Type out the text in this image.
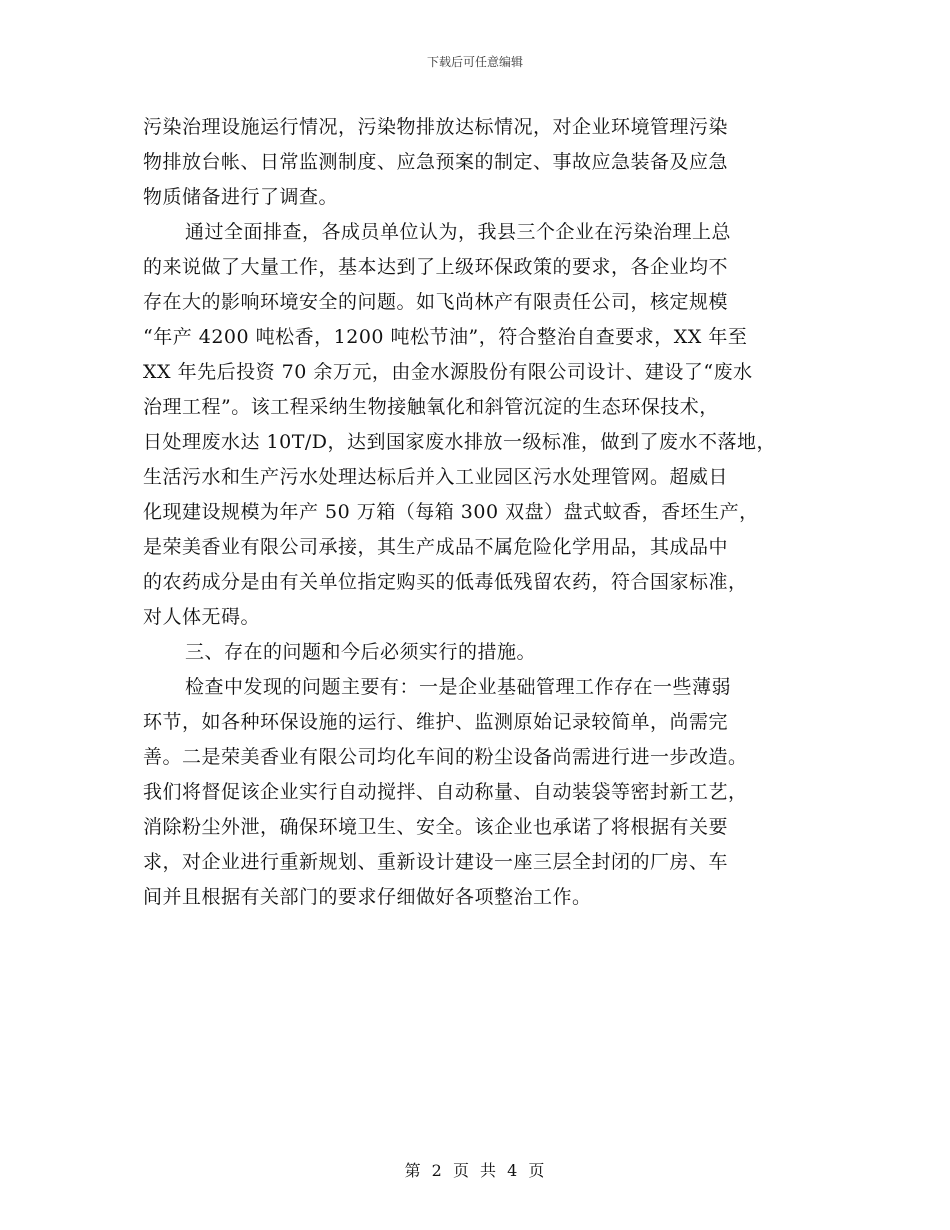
下载后可任意编辑
污染治理设施运行情况，污染物排放达标情况，对企业环境管理污染
物排放台帐、日常监测制度、应急预案的制定、事故应急装备及应急
物质储备进行了调查。
通过全面排查，各成员单位认为，我县三个企业在污染治理上总
的来说做了大量工作，基本达到了上级环保政策的要求，各企业均不
存在大的影响环境安全的问题。如飞尚林产有限责任公司，核定规模
“年产 4200 吨松香，1200 吨松节油”，符合整治自查要求，XX 年至
XX 年先后投资 70 余万元，由金水源股份有限公司设计、建设了“废水
治理工程”。该工程采纳生物接触氧化和斜管沉淀的生态环保技术，
日处理废水达 10T/D，达到国家废水排放一级标准，做到了废水不落地，
生活污水和生产污水处理达标后并入工业园区污水处理管网。超威日
化现建设规模为年产 50 万箱（每箱 300 双盘）盘式蚊香，香坯生产，
是荣美香业有限公司承接，其生产成品不属危险化学用品，其成品中
的农药成分是由有关单位指定购买的低毒低残留农药，符合国家标准，
对人体无碍。
三、存在的问题和今后必须实行的措施。
检查中发现的问题主要有：一是企业基础管理工作存在一些薄弱
环节，如各种环保设施的运行、维护、监测原始记录较简单，尚需完
善。二是荣美香业有限公司均化车间的粉尘设备尚需进行进一步改造。
我们将督促该企业实行自动搅拌、自动称量、自动装袋等密封新工艺，
消除粉尘外泄，确保环境卫生、安全。该企业也承诺了将根据有关要
求，对企业进行重新规划、重新设计建设一座三层全封闭的厂房、车
间并且根据有关部门的要求仔细做好各项整治工作。
第 2 页 共 4 页
